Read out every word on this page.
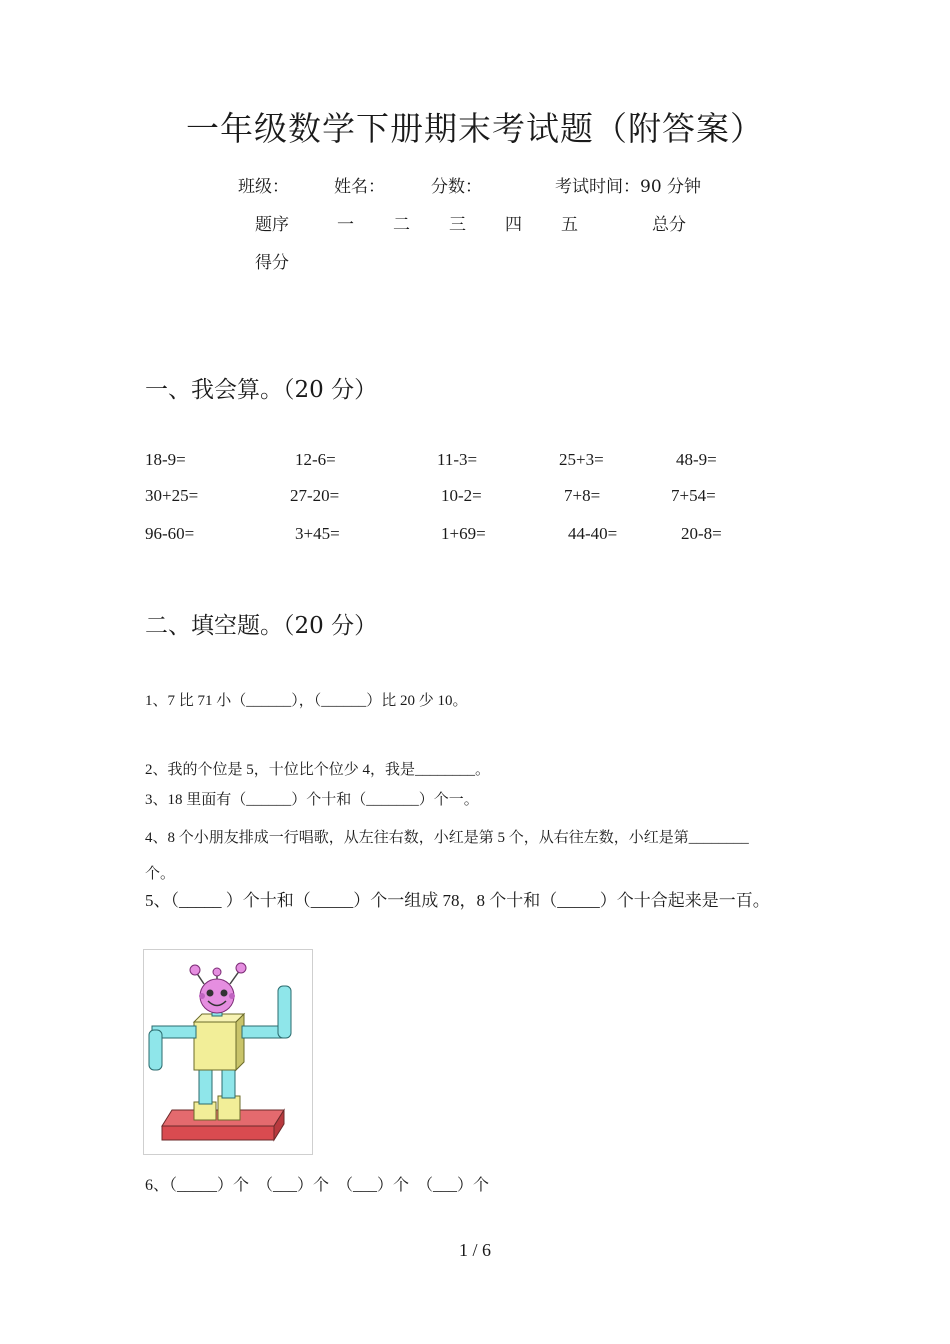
一年级数学下册期末考试题（附答案）
班级：	姓名：	分数：	考试时间：90 分钟
题序	一 二 三 四 五	总分
得分
一、我会算。（20 分）
18-9=	12-6=	11-3=	25+3=	48-9=
30+25=	27-20=	10-2=	7+8=	7+54=
96-60=	3+45=	1+69=	44-40=	20-8=
二、填空题。（20 分）
1、7 比 71 小（______），（______）比 20 少 10。
2、我的个位是 5，十位比个位少 4，我是________。
3、18 里面有（______）个十和（_______）个一。
4、8 个小朋友排成一行唱歌，从左往右数，小红是第 5 个，从右往左数，小红是第________
个。
5、（_____ ）个十和（_____）个一组成 78，8 个十和（_____）个十合起来是一百。
6、（_____）个　（___）个　（___）个　（___）个
1 / 6
